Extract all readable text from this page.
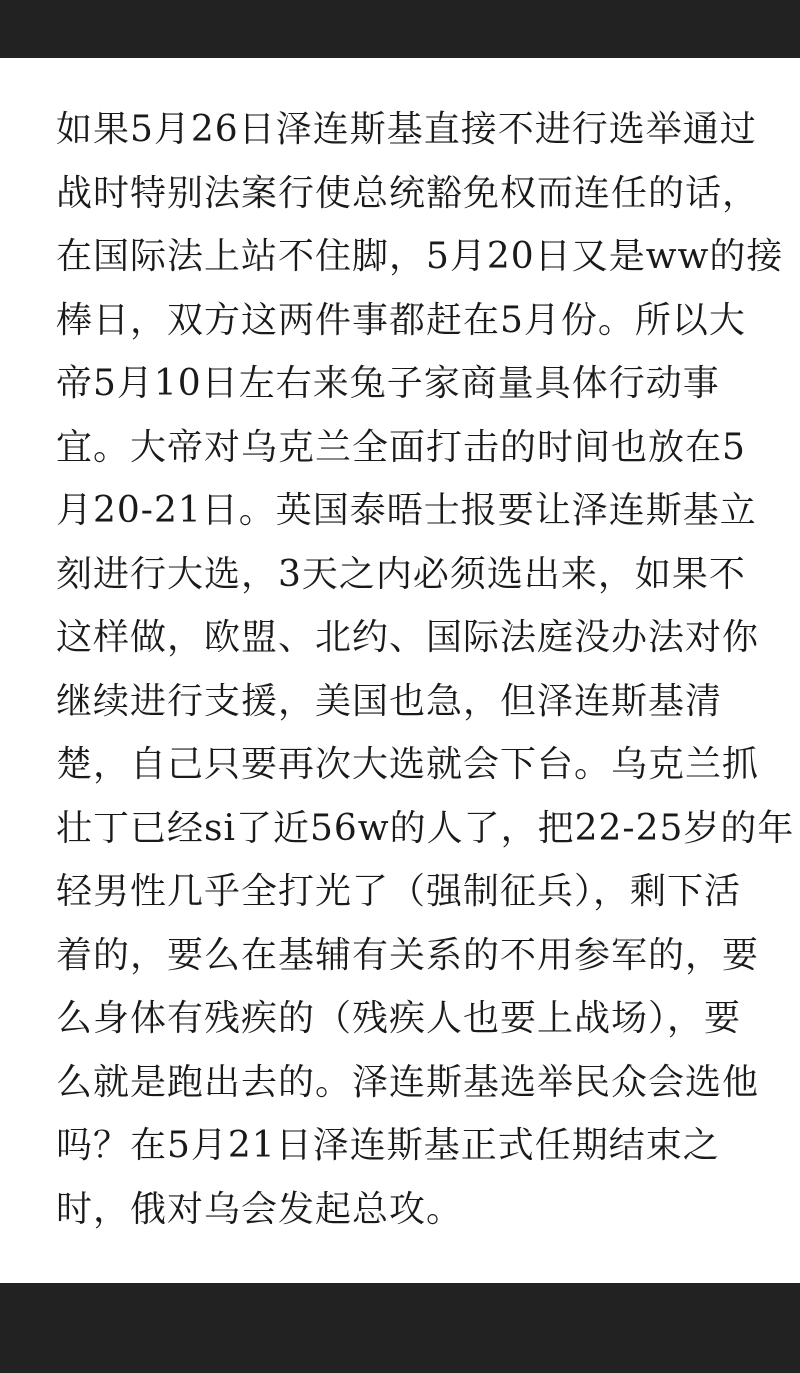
如果5月26日泽连斯基直接不进行选举通过
战时特别法案行使总统豁免权而连任的话，
在国际法上站不住脚，5月20日又是ww的接
棒日，双方这两件事都赶在5月份。所以大
帝5月10日左右来兔子家商量具体行动事
宜。大帝对乌克兰全面打击的时间也放在5
月20-21日。英国泰晤士报要让泽连斯基立
刻进行大选，3天之内必须选出来，如果不
这样做，欧盟、北约、国际法庭没办法对你
继续进行支援，美国也急，但泽连斯基清
楚，自己只要再次大选就会下台。乌克兰抓
壮丁已经si了近56w的人了，把22-25岁的年
轻男性几乎全打光了（强制征兵），剩下活
着的，要么在基辅有关系的不用参军的，要
么身体有残疾的（残疾人也要上战场），要
么就是跑出去的。泽连斯基选举民众会选他
吗？在5月21日泽连斯基正式任期结束之
时，俄对乌会发起总攻。
